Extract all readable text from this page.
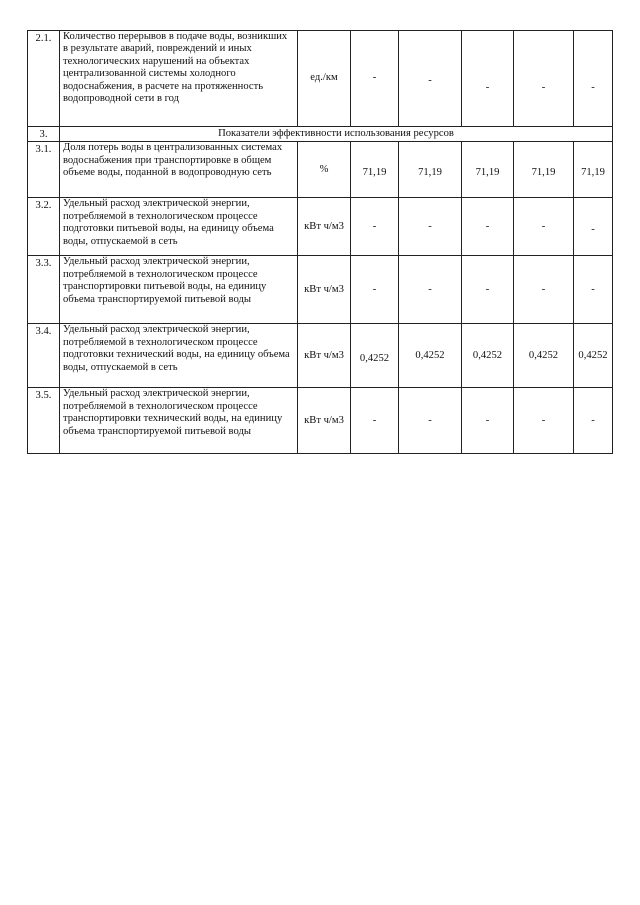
2.1.	Количество перерывов в подаче воды, возникших в результате аварий, повреждений и иных технологических нарушений на объектах централизованной системы холодного водоснабжения, в расчете на протяженность водопроводной сети в год	ед./км	-	-	-	-	-
3.	Показатели эффективности использования ресурсов						
3.1.	Доля потерь воды в централизованных системах водоснабжения при транспортировке в общем объеме воды, поданной в водопроводную сеть	%	71,19	71,19	71,19	71,19	71,19
3.2.	Удельный расход электрической энергии, потребляемой в технологическом процессе подготовки питьевой воды, на единицу объема воды, отпускаемой в сеть	кВт ч/м3	-	-	-	-	-
3.3.	Удельный расход электрической энергии, потребляемой в технологическом процессе транспортировки питьевой воды, на единицу объема транспортируемой питьевой воды	кВт ч/м3	-	-	-	-	-
3.4.	Удельный расход электрической энергии, потребляемой в технологическом процессе подготовки технический воды, на единицу объема воды, отпускаемой в сеть	кВт ч/м3	0,4252	0,4252	0,4252	0,4252	0,4252
3.5.	Удельный расход электрической энергии, потребляемой в технологическом процессе транспортировки технический воды, на единицу объема транспортируемой питьевой воды	кВт ч/м3	-	-	-	-	-
